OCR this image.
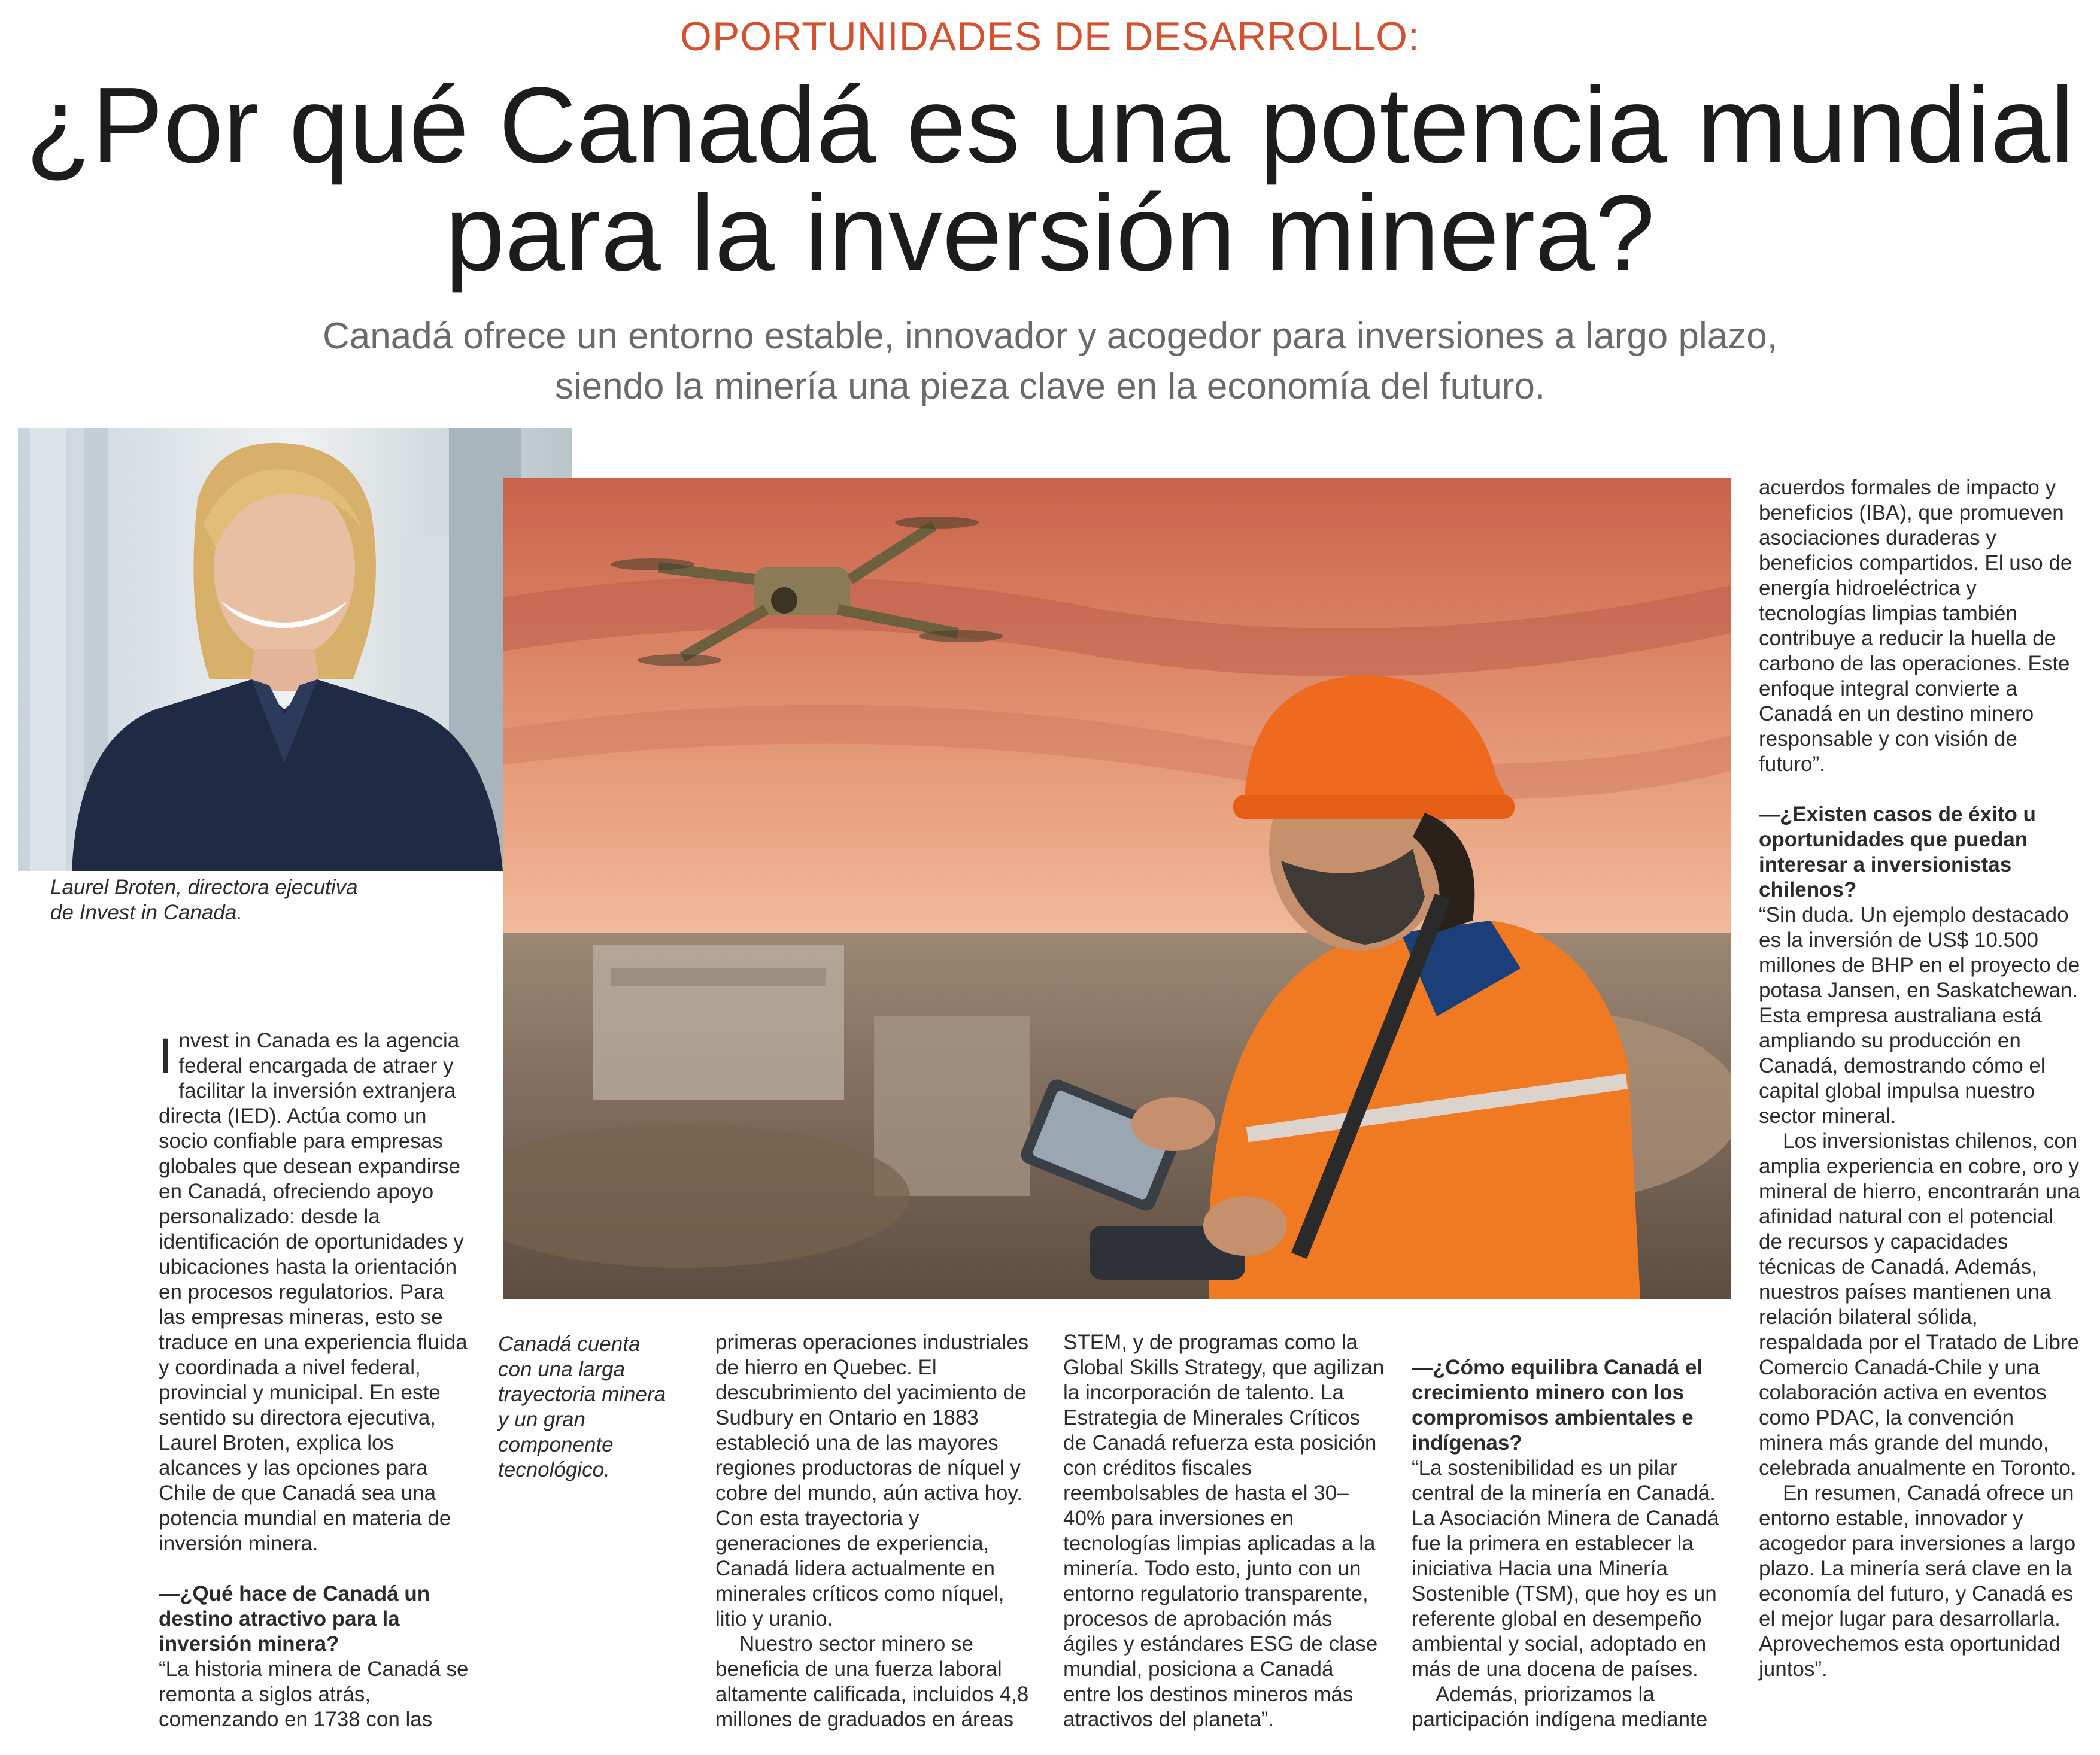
OPORTUNIDADES DE DESARROLLO:
¿Por qué Canadá es una potencia mundial
para la inversión minera?
Canadá ofrece un entorno estable, innovador y acogedor para inversiones a largo plazo,
siendo la minería una pieza clave en la economía del futuro.
Laurel Broten, directora ejecutiva de Invest in Canada.
Canadá cuenta con una larga trayectoria minera y un gran componente tecnológico.

Invest in Canada es la agencia federal encargada de atraer y facilitar la inversión extranjera directa (IED). Actúa como un socio confiable para empresas globales que desean expandirse en Canadá, ofreciendo apoyo personalizado: desde la identificación de oportunidades y ubicaciones hasta la orientación en procesos regulatorios. Para las empresas mineras, esto se traduce en una experiencia fluida y coordinada a nivel federal, provincial y municipal. En este sentido su directora ejecutiva, Laurel Broten, explica los alcances y las opciones para Chile de que Canadá sea una potencia mundial en materia de inversión minera.

—¿Qué hace de Canadá un destino atractivo para la inversión minera?

“La historia minera de Canadá se remonta a siglos atrás, comenzando en 1738 con las

primeras operaciones industriales de hierro en Quebec. El descubrimiento del yacimiento de Sudbury en Ontario en 1883 estableció una de las mayores regiones productoras de níquel y cobre del mundo, aún activa hoy. Con esta trayectoria y generaciones de experiencia, Canadá lidera actualmente en minerales críticos como níquel, litio y uranio.

Nuestro sector minero se beneficia de una fuerza laboral altamente calificada, incluidos 4,8 millones de graduados en áreas

STEM, y de programas como la Global Skills Strategy, que agilizan la incorporación de talento. La Estrategia de Minerales Críticos de Canadá refuerza esta posición con créditos fiscales reembolsables de hasta el 30–40% para inversiones en tecnologías limpias aplicadas a la minería. Todo esto, junto con un entorno regulatorio transparente, procesos de aprobación más ágiles y estándares ESG de clase mundial, posiciona a Canadá entre los destinos mineros más atractivos del planeta”.

—¿Cómo equilibra Canadá el crecimiento minero con los compromisos ambientales e indígenas?

“La sostenibilidad es un pilar central de la minería en Canadá. La Asociación Minera de Canadá fue la primera en establecer la iniciativa Hacia una Minería Sostenible (TSM), que hoy es un referente global en desempeño ambiental y social, adoptado en más de una docena de países.

Además, priorizamos la participación indígena mediante

acuerdos formales de impacto y beneficios (IBA), que promueven asociaciones duraderas y beneficios compartidos. El uso de energía hidroeléctrica y tecnologías limpias también contribuye a reducir la huella de carbono de las operaciones. Este enfoque integral convierte a Canadá en un destino minero responsable y con visión de futuro”.

—¿Existen casos de éxito u oportunidades que puedan interesar a inversionistas chilenos?

“Sin duda. Un ejemplo destacado es la inversión de US$ 10.500 millones de BHP en el proyecto de potasa Jansen, en Saskatchewan. Esta empresa australiana está ampliando su producción en Canadá, demostrando cómo el capital global impulsa nuestro sector mineral.

Los inversionistas chilenos, con amplia experiencia en cobre, oro y mineral de hierro, encontrarán una afinidad natural con el potencial de recursos y capacidades técnicas de Canadá. Además, nuestros países mantienen una relación bilateral sólida, respaldada por el Tratado de Libre Comercio Canadá-Chile y una colaboración activa en eventos como PDAC, la convención minera más grande del mundo, celebrada anualmente en Toronto.

En resumen, Canadá ofrece un entorno estable, innovador y acogedor para inversiones a largo plazo. La minería será clave en la economía del futuro, y Canadá es el mejor lugar para desarrollarla. Aprovechemos esta oportunidad juntos”.
